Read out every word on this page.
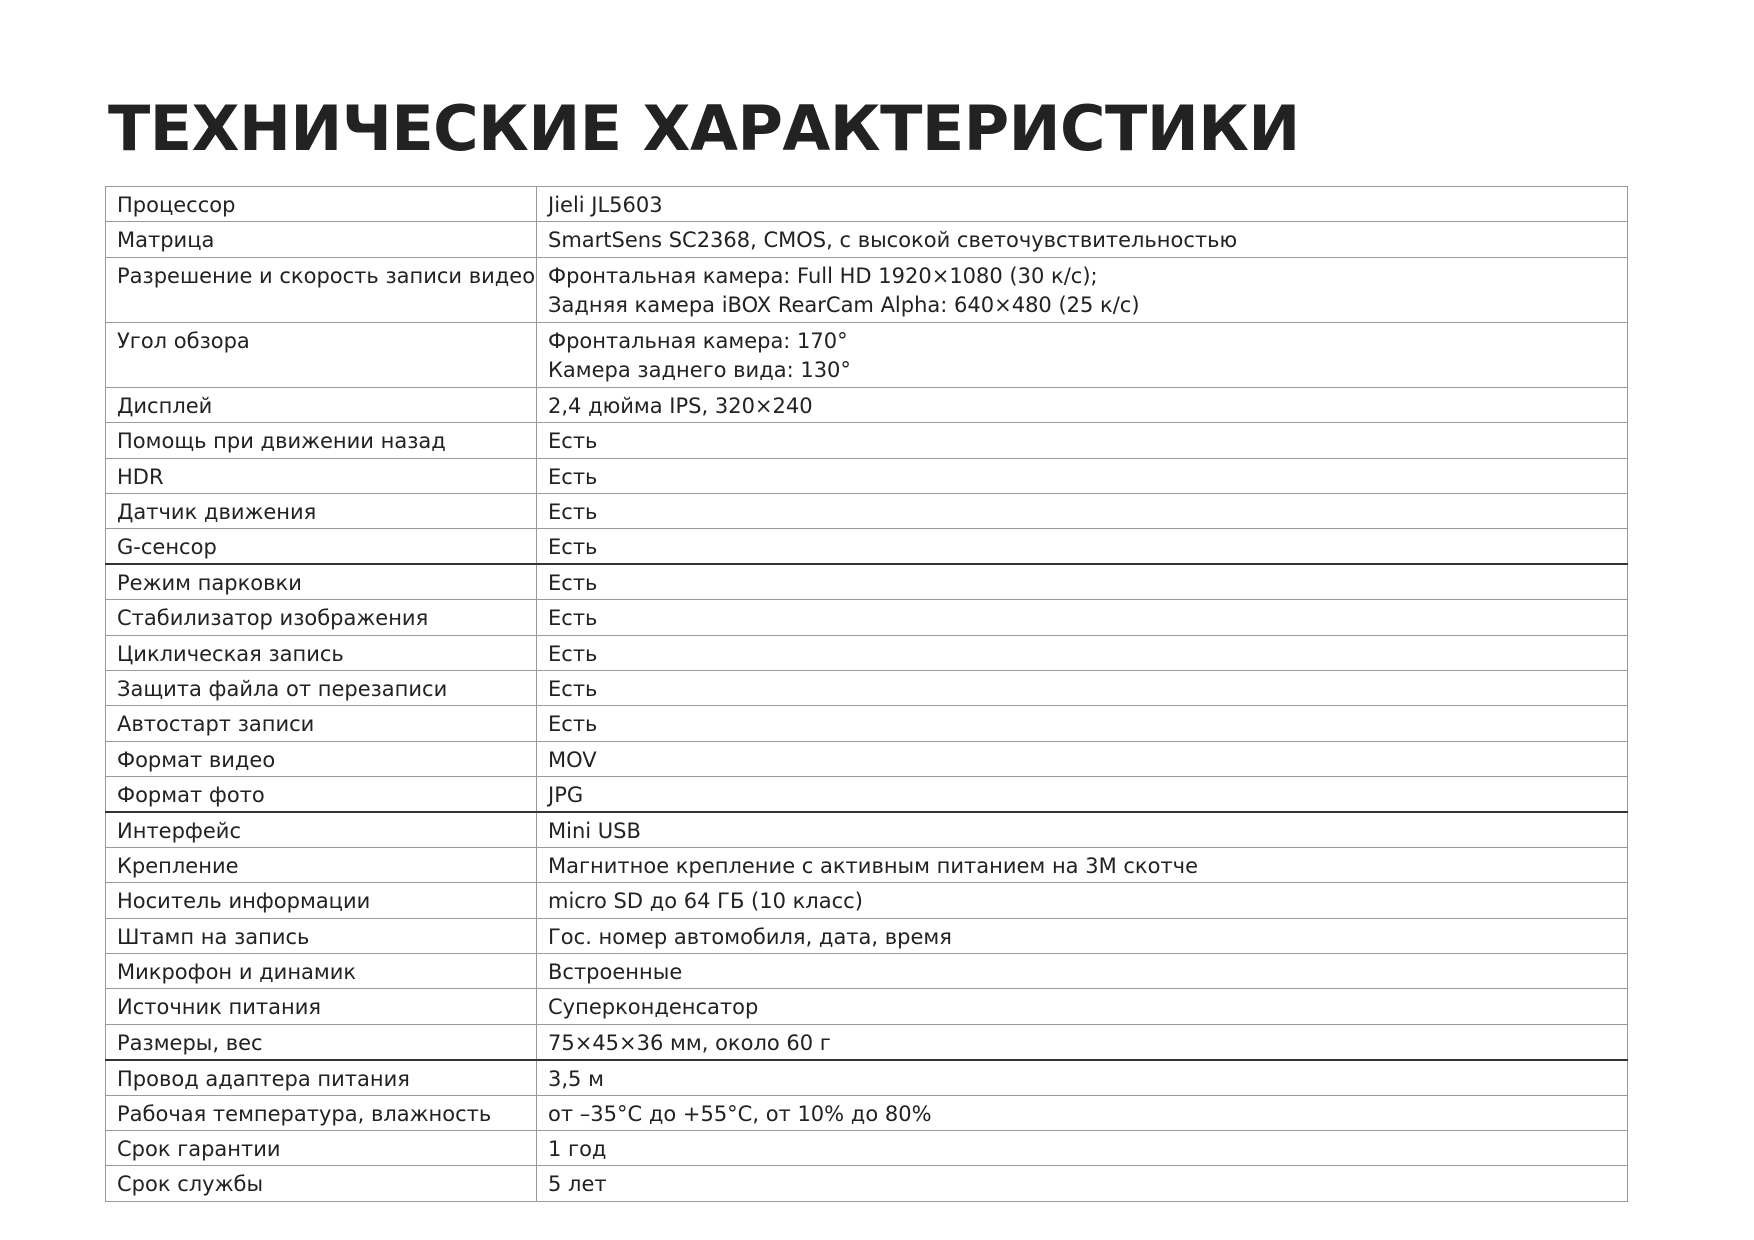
ТЕХНИЧЕСКИЕ ХАРАКТЕРИСТИКИ
Процессор	Jieli JL5603

Матрица	SmartSens SC2368, CMOS, с высокой светочувствительностью

Разрешение и скорость записи видео	Фронтальная камера: Full HD 1920×1080 (30 к/с);
Задняя камера iBOX RearCam Alpha: 640×480 (25 к/с)

Угол обзора	Фронтальная камера: 170°
Камера заднего вида: 130°

Дисплей	2,4 дюйма IPS, 320×240

Помощь при движении назад	Есть

HDR	Есть

Датчик движения	Есть

G-сенсор	Есть

Режим парковки	Есть

Стабилизатор изображения	Есть

Циклическая запись	Есть

Защита файла от перезаписи	Есть

Автостарт записи	Есть

Формат видео	MOV

Формат фото	JPG

Интерфейс	Mini USB

Крепление	Магнитное крепление с активным питанием на 3М скотче

Носитель информации	micro SD до 64 ГБ (10 класс)

Штамп на запись	Гос. номер автомобиля, дата, время

Микрофон и динамик	Встроенные

Источник питания	Суперконденсатор

Размеры, вес	75×45×36 мм, около 60 г

Провод адаптера питания	3,5 м

Рабочая температура, влажность	от –35°С до +55°С, от 10% до 80%

Срок гарантии	1 год

Срок службы	5 лет
